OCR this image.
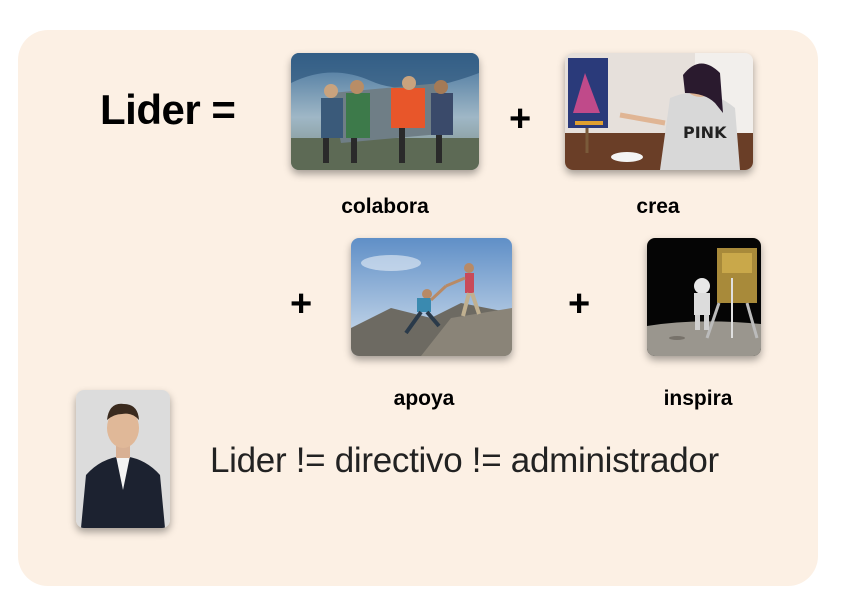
Lider =	+	PINK
colabora	crea
+	+
apoya	inspira
Lider != directivo != administrador
